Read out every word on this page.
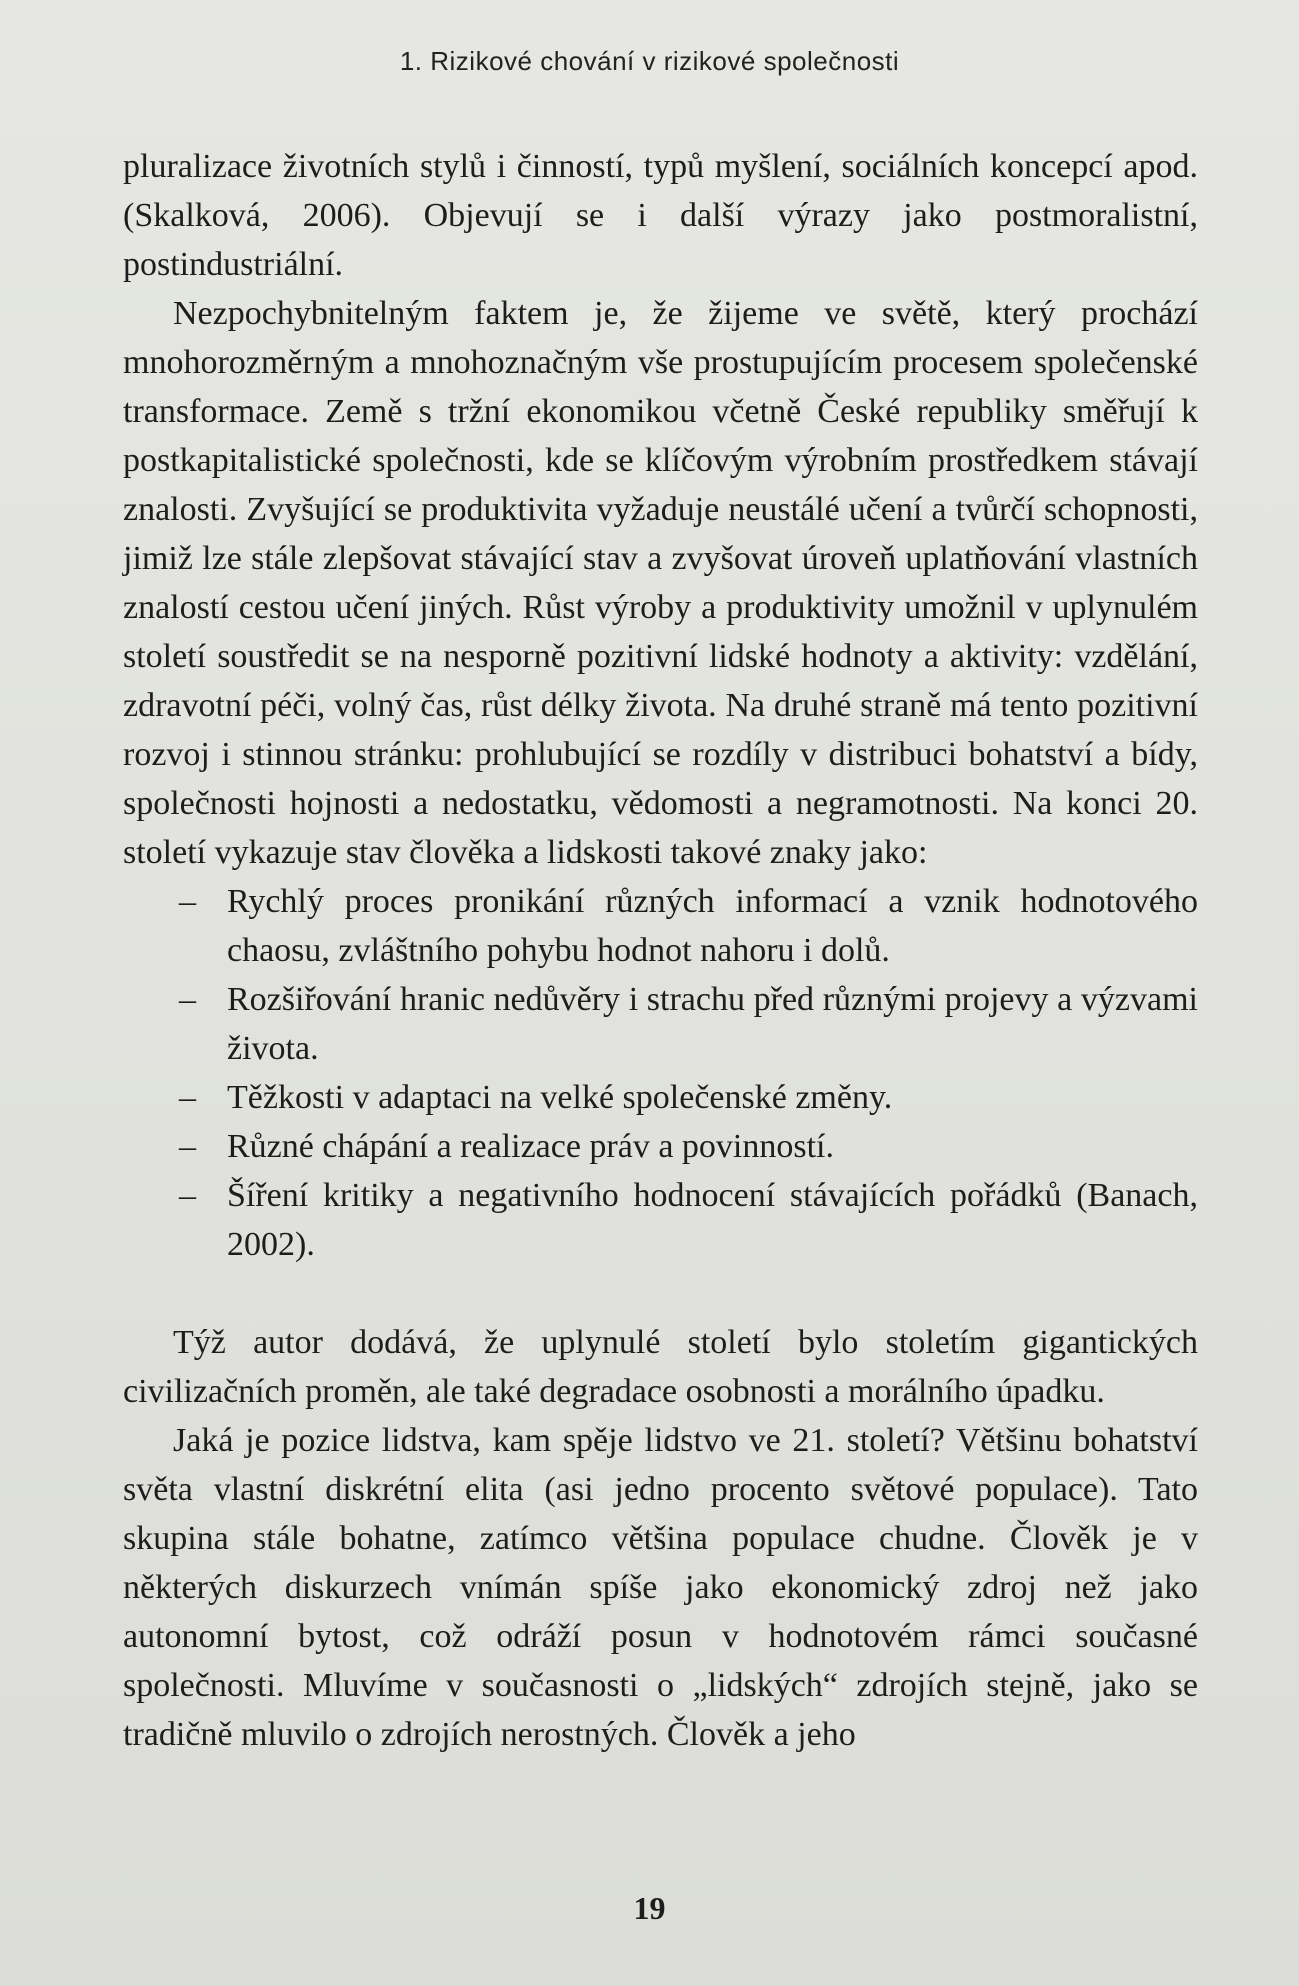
1. Rizikové chování v rizikové společnosti

pluralizace životních stylů i činností, typů myšlení, sociálních koncepcí apod. (Skalková, 2006). Objevují se i další výrazy jako postmoralistní, postindustriální.

Nezpochybnitelným faktem je, že žijeme ve světě, který prochází mnohorozměrným a mnohoznačným vše prostupujícím procesem společenské transformace. Země s tržní ekonomikou včetně České republiky směřují k postkapitalistické společnosti, kde se klíčovým výrobním prostředkem stávají znalosti. Zvyšující se produktivita vyžaduje neustálé učení a tvůrčí schopnosti, jimiž lze stále zlepšovat stávající stav a zvyšovat úroveň uplatňování vlastních znalostí cestou učení jiných. Růst výroby a produktivity umožnil v uplynulém století soustředit se na nesporně pozitivní lidské hodnoty a aktivity: vzdělání, zdravotní péči, volný čas, růst délky života. Na druhé straně má tento pozitivní rozvoj i stinnou stránku: prohlubující se rozdíly v distribuci bohatství a bídy, společnosti hojnosti a nedostatku, vědomosti a negramotnosti. Na konci 20. století vykazuje stav člověka a lidskosti takové znaky jako:

– Rychlý proces pronikání různých informací a vznik hodnotového chaosu, zvláštního pohybu hodnot nahoru i dolů.
– Rozšiřování hranic nedůvěry i strachu před různými projevy a výzvami života.
– Těžkosti v adaptaci na velké společenské změny.
– Různé chápání a realizace práv a povinností.
– Šíření kritiky a negativního hodnocení stávajících pořádků (Banach, 2002).

Týž autor dodává, že uplynulé století bylo stoletím gigantických civilizačních proměn, ale také degradace osobnosti a morálního úpadku.

Jaká je pozice lidstva, kam spěje lidstvo ve 21. století? Většinu bohatství světa vlastní diskrétní elita (asi jedno procento světové populace). Tato skupina stále bohatne, zatímco většina populace chudne. Člověk je v některých diskurzech vnímán spíše jako ekonomický zdroj než jako autonomní bytost, což odráží posun v hodnotovém rámci současné společnosti. Mluvíme v současnosti o „lidských“ zdrojích stejně, jako se tradičně mluvilo o zdrojích nerostných. Člověk a jeho

19
